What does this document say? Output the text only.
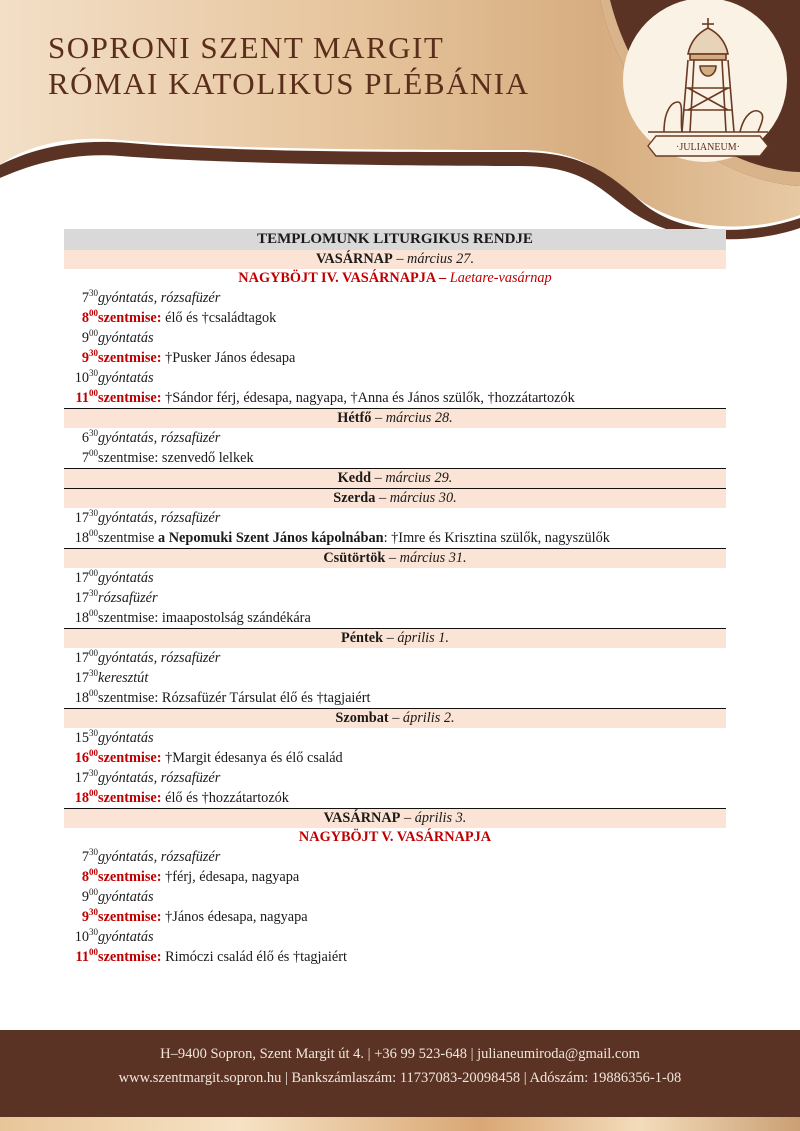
SOPRONI SZENT MARGIT
RÓMAI KATOLIKUS PLÉBÁNIA
·JULIANEUM·
TEMPLOMUNK LITURGIKUS RENDJE
VASÁRNAP – március 27.
NAGYBÖJT IV. VASÁRNAPJA – Laetare-vasárnap
$7^{30}gyóntatás$, rózsafüzér
$8^{00}szentmise$: élő és †családtagok
$9^{00}gyóntatás$
$9^{30}szentmise$: †Pusker János édesapa
$10^{30}gyóntatás$
$11^{00}szentmise$: †Sándor férj, édesapa, nagyapa, †Anna és János szülők, †hozzátartozók
Hétfő – március 28.
$6^{30}gyóntatás$, rózsafüzér
$7^{00}szentmise$: szenvedő lelkek
Kedd – március 29.
Szerda – március 30.
$17^{30}gyóntatás$, rózsafüzér
$18^{00}szentmise$ a Nepomuki Szent János kápolnában: †Imre és Krisztina szülők, nagyszülők
Csütörtök – március 31.
$17^{00}gyóntatás$
$17^{30}rózsafüzér$
$18^{00}szentmise$: imaapostolság szándékára
Péntek – április 1.
$17^{00}gyóntatás$, rózsafüzér
$17^{30}keresztút$
$18^{00}szentmise$: Rózsafüzér Társulat élő és †tagjaiért
Szombat – április 2.
$15^{30}gyóntatás$
$16^{00}szentmise$: †Margit édesanya és élő család
$17^{30}gyóntatás$, rózsafüzér
$18^{00}szentmise$: élő és †hozzátartozók
VASÁRNAP – április 3.
NAGYBÖJT V. VASÁRNAPJA
$7^{30}gyóntatás$, rózsafüzér
$8^{00}szentmise$: †férj, édesapa, nagyapa
$9^{00}gyóntatás$
$9^{30}szentmise$: †János édesapa, nagyapa
$10^{30}gyóntatás$
$11^{00}szentmise$: Rimóczi család élő és †tagjaiért
H–9400 Sopron, Szent Margit út 4. | +36 99 523-648 | julianeumiroda@gmail.com
www.szentmargit.sopron.hu | Bankszámlaszám: 11737083-20098458 | Adószám: 19886356-1-08
